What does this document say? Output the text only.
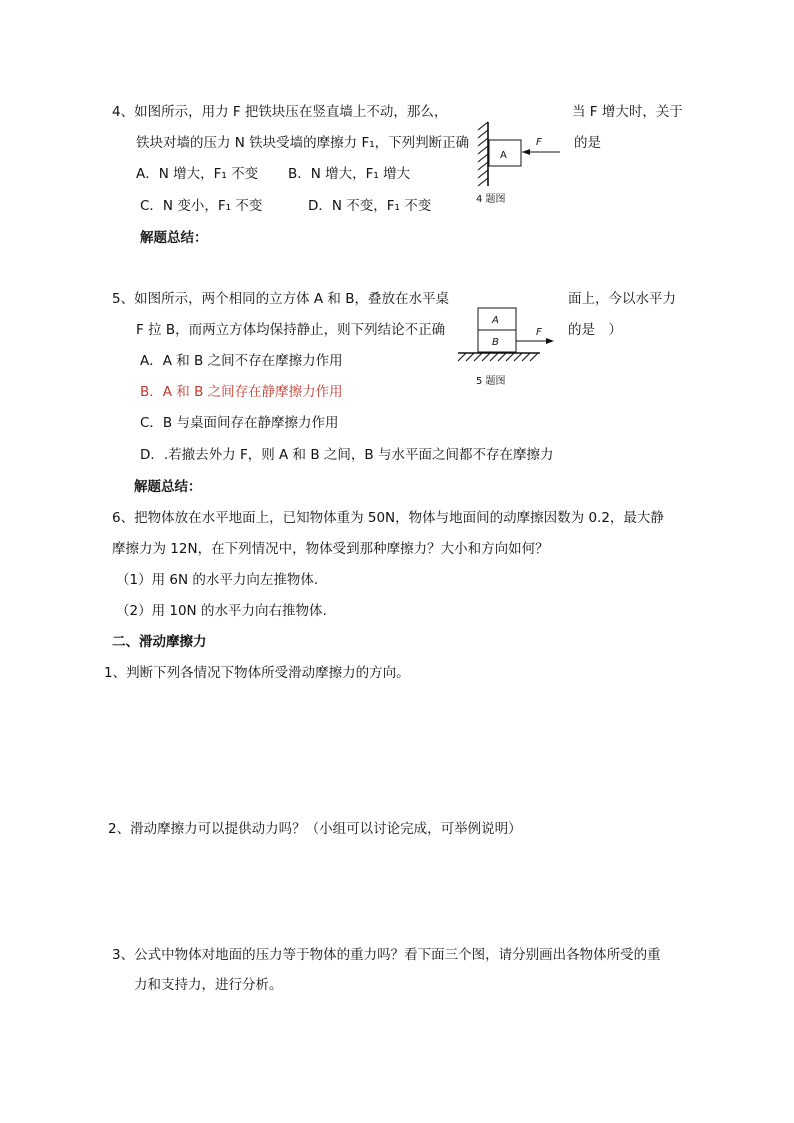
4、如图所示，用力 F 把铁块压在竖直墙上不动，那么，	当 F 增大时，关于
铁块对墙的压力 N 铁块受墙的摩擦力 F₁，下列判断正确	的是
A．N 增大，F₁ 不变 B．N 增大，F₁ 增大
C．N 变小，F₁ 不变	D．N 不变，F₁ 不变
解题总结：
A
F
4 题图
5、如图所示，两个相同的立方体 A 和 B，叠放在水平桌	面上，今以水平力
F 拉 B，而两立方体均保持静止，则下列结论不正确	的是　）
A．A 和 B 之间不存在摩擦力作用
B．A 和 B 之间存在静摩擦力作用
C．B 与桌面间存在静摩擦力作用
D．.若撤去外力 F，则 A 和 B 之间，B 与水平面之间都不存在摩擦力
解题总结：
A
B
F
5 题图
6、把物体放在水平地面上，已知物体重为 50N，物体与地面间的动摩擦因数为 0.2，最大静
摩擦力为 12N，在下列情况中，物体受到那种摩擦力？大小和方向如何？
（1）用 6N 的水平力向左推物体.
（2）用 10N 的水平力向右推物体.
二、滑动摩擦力
1、判断下列各情况下物体所受滑动摩擦力的方向。
2、滑动摩擦力可以提供动力吗？（小组可以讨论完成，可举例说明）
3、公式中物体对地面的压力等于物体的重力吗？看下面三个图，请分别画出各物体所受的重
力和支持力，进行分析。
